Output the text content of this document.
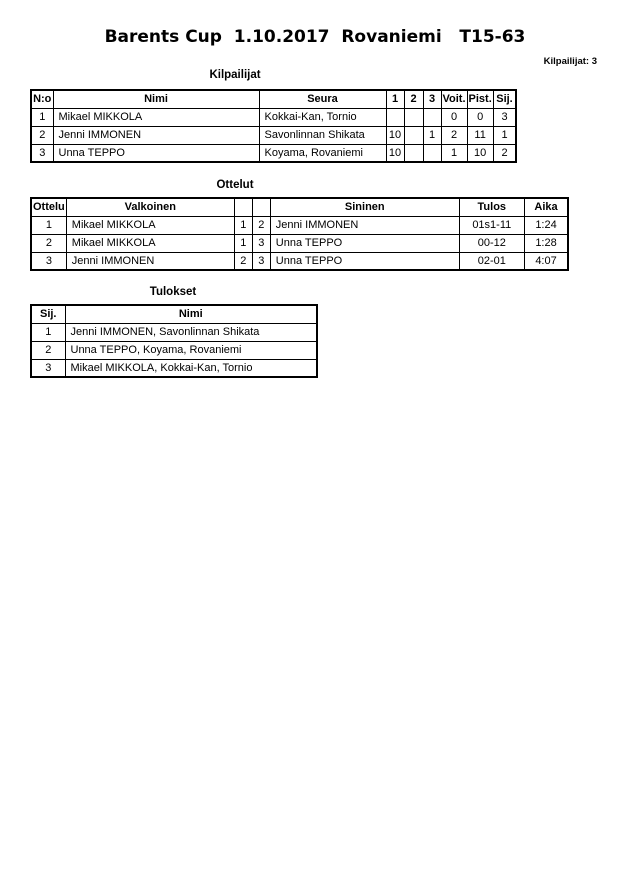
Barents Cup  1.10.2017  Rovaniemi   T15-63
Kilpailijat: 3
Kilpailijat
N:o	Nimi	Seura	1	2	3	Voit.	Pist.	Sij.
1	Mikael MIKKOLA	Kokkai-Kan, Tornio				0	0	3
2	Jenni IMMONEN	Savonlinnan Shikata	10		1	2	11	1
3	Unna TEPPO	Koyama, Rovaniemi	10			1	10	2
Ottelut
Ottelu	Valkoinen			Sininen	Tulos	Aika
1	Mikael MIKKOLA	1	2	Jenni IMMONEN	01s1-11	1:24
2	Mikael MIKKOLA	1	3	Unna TEPPO	00-12	1:28
3	Jenni IMMONEN	2	3	Unna TEPPO	02-01	4:07
Tulokset
Sij.	Nimi
1	Jenni IMMONEN, Savonlinnan Shikata
2	Unna TEPPO, Koyama, Rovaniemi
3	Mikael MIKKOLA, Kokkai-Kan, Tornio
